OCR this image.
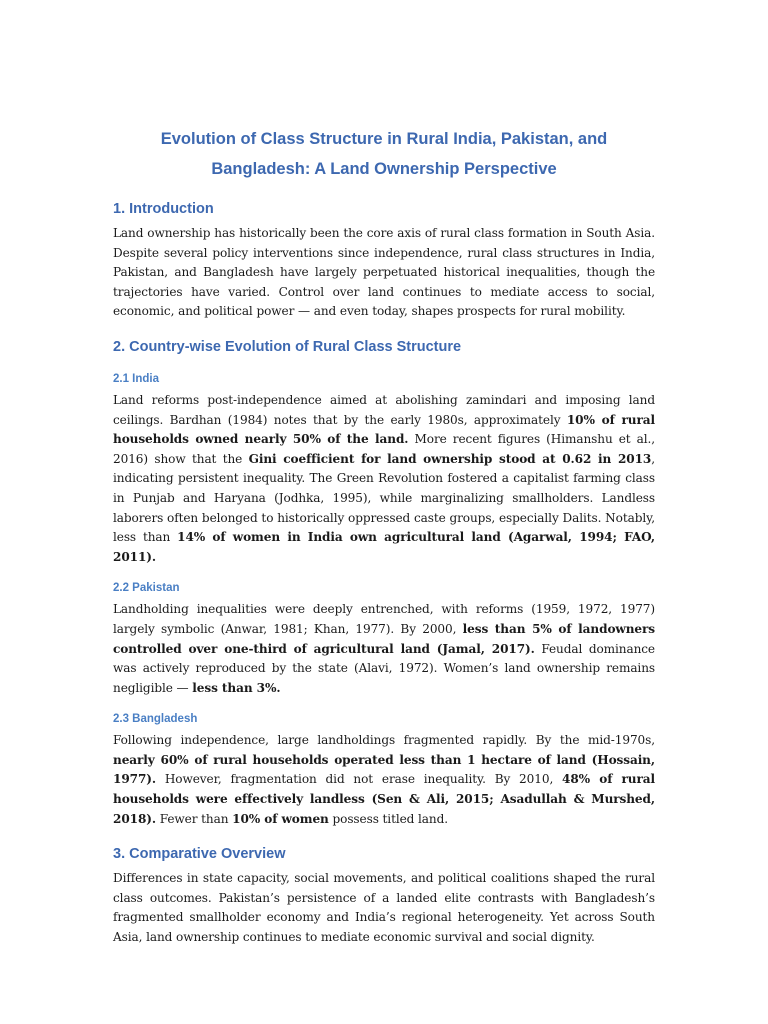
Evolution of Class Structure in Rural India, Pakistan, and Bangladesh: A Land Ownership Perspective
1. Introduction

Land ownership has historically been the core axis of rural class formation in South Asia. Despite several policy interventions since independence, rural class structures in India, Pakistan, and Bangladesh have largely perpetuated historical inequalities, though the trajectories have varied. Control over land continues to mediate access to social, economic, and political power — and even today, shapes prospects for rural mobility.

2. Country-wise Evolution of Rural Class Structure
2.1 India

Land reforms post-independence aimed at abolishing zamindari and imposing land ceilings. Bardhan (1984) notes that by the early 1980s, approximately 10% of rural households owned nearly 50% of the land. More recent figures (Himanshu et al., 2016) show that the Gini coefficient for land ownership stood at 0.62 in 2013, indicating persistent inequality. The Green Revolution fostered a capitalist farming class in Punjab and Haryana (Jodhka, 1995), while marginalizing smallholders. Landless laborers often belonged to historically oppressed caste groups, especially Dalits. Notably, less than 14% of women in India own agricultural land (Agarwal, 1994; FAO, 2011).

2.2 Pakistan

Landholding inequalities were deeply entrenched, with reforms (1959, 1972, 1977) largely symbolic (Anwar, 1981; Khan, 1977). By 2000, less than 5% of landowners controlled over one-third of agricultural land (Jamal, 2017). Feudal dominance was actively reproduced by the state (Alavi, 1972). Women’s land ownership remains negligible — less than 3%.

2.3 Bangladesh

Following independence, large landholdings fragmented rapidly. By the mid-1970s, nearly 60% of rural households operated less than 1 hectare of land (Hossain, 1977). However, fragmentation did not erase inequality. By 2010, 48% of rural households were effectively landless (Sen & Ali, 2015; Asadullah & Murshed, 2018). Fewer than 10% of women possess titled land.

3. Comparative Overview

Differences in state capacity, social movements, and political coalitions shaped the rural class outcomes. Pakistan’s persistence of a landed elite contrasts with Bangladesh’s fragmented smallholder economy and India’s regional heterogeneity. Yet across South Asia, land ownership continues to mediate economic survival and social dignity.
